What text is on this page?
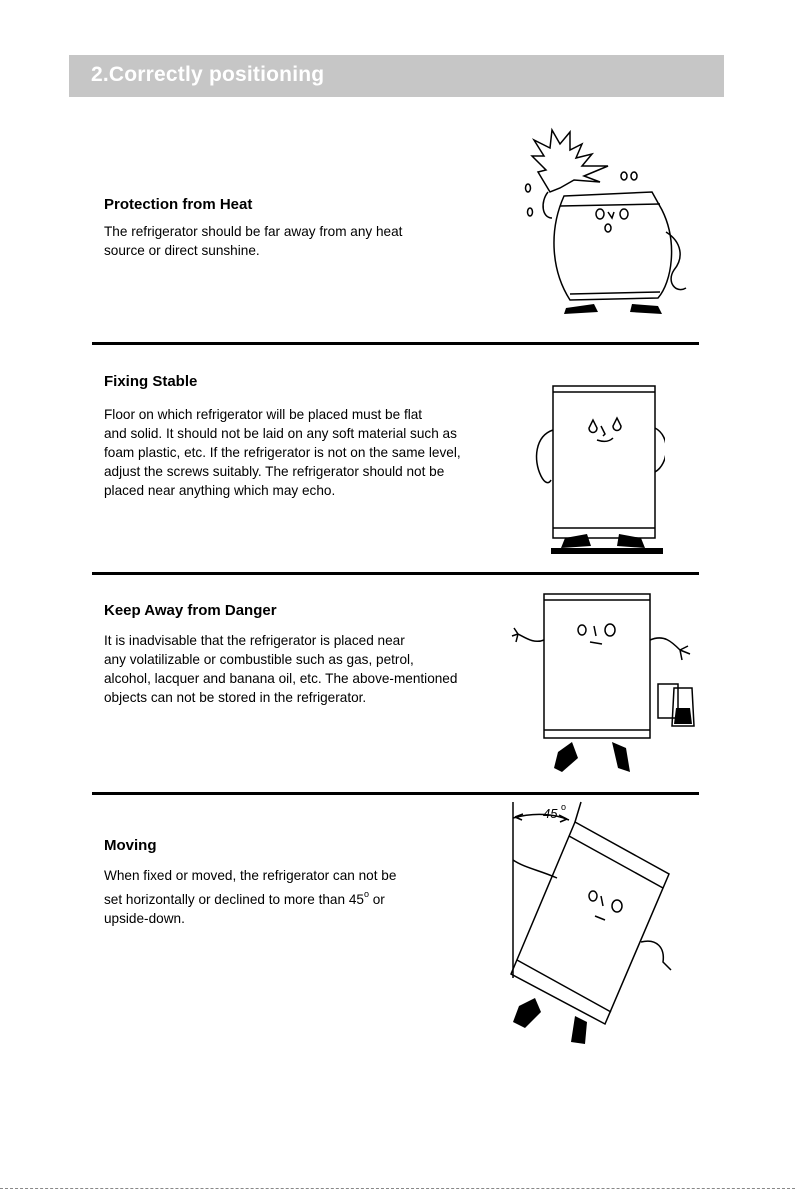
2.Correctly positioning
Protection from Heat
The refrigerator should be far away from any heat
source or direct sunshine.
Fixing Stable
Floor on which refrigerator will be placed must be flat
and solid. It should not be laid on any soft material such as
foam plastic, etc. If the refrigerator is not on the same level,
adjust the screws suitably. The refrigerator should not be
placed near anything which may echo.
Keep Away from Danger
It is inadvisable that the refrigerator is placed near
any volatilizable or combustible such as gas, petrol,
alcohol, lacquer and banana oil, etc. The above-mentioned
objects can not be stored in the refrigerator.
Moving
When fixed or moved, the refrigerator can not be
set horizontally or declined to more than 45$^o$ or
upside-down.
45 o
